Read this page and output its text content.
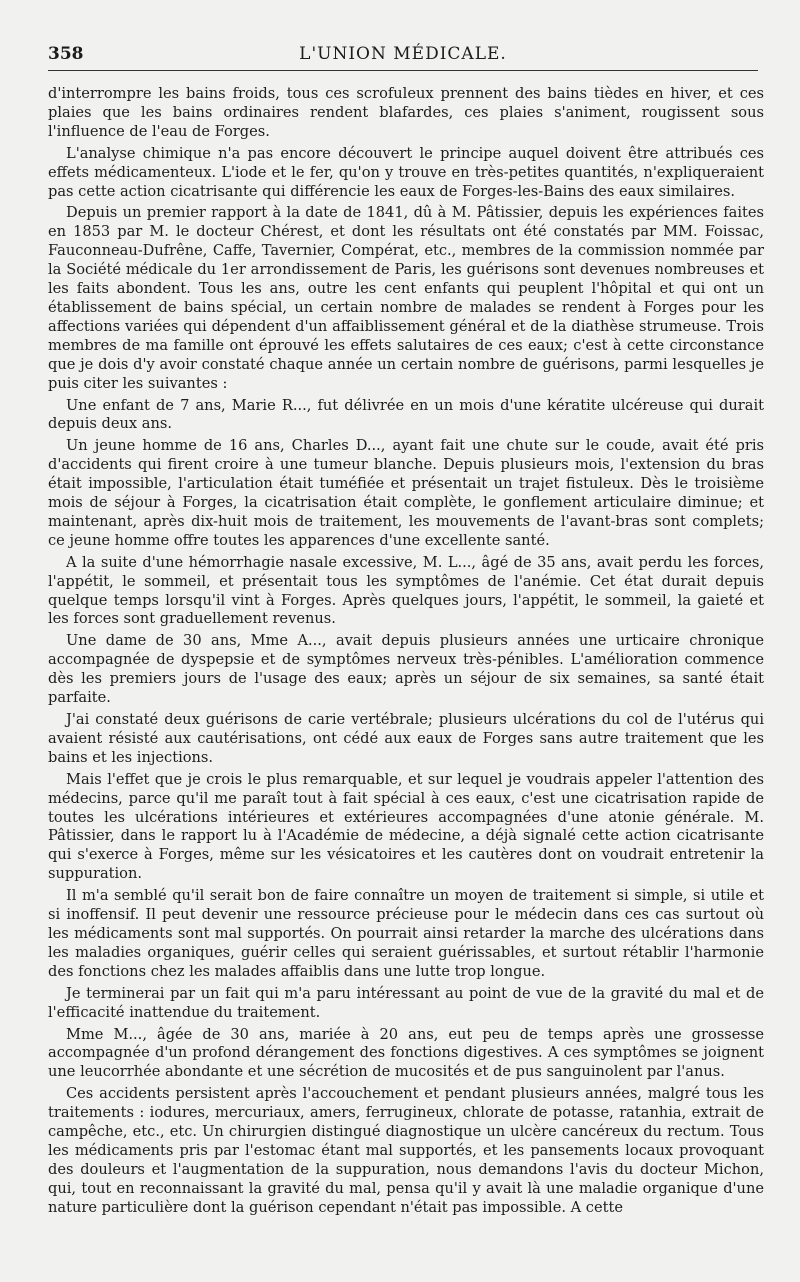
358	L'UNION MÉDICALE.

d'interrompre les bains froids, tous ces scrofuleux prennent des bains tièdes en hiver, et ces plaies que les bains ordinaires rendent blafardes, ces plaies s'animent, rougissent sous l'influence de l'eau de Forges.

L'analyse chimique n'a pas encore découvert le principe auquel doivent être attribués ces effets médicamenteux. L'iode et le fer, qu'on y trouve en très-petites quantités, n'expliqueraient pas cette action cicatrisante qui différencie les eaux de Forges-les-Bains des eaux similaires.

Depuis un premier rapport à la date de 1841, dû à M. Pâtissier, depuis les expériences faites en 1853 par M. le docteur Chérest, et dont les résultats ont été constatés par MM. Foissac, Fauconneau-Dufrêne, Caffe, Tavernier, Compérat, etc., membres de la commission nommée par la Société médicale du 1er arrondissement de Paris, les guérisons sont devenues nombreuses et les faits abondent. Tous les ans, outre les cent enfants qui peuplent l'hôpital et qui ont un établissement de bains spécial, un certain nombre de malades se rendent à Forges pour les affections variées qui dépendent d'un affaiblissement général et de la diathèse strumeuse. Trois membres de ma famille ont éprouvé les effets salutaires de ces eaux; c'est à cette circonstance que je dois d'y avoir constaté chaque année un certain nombre de guérisons, parmi lesquelles je puis citer les suivantes :

Une enfant de 7 ans, Marie R..., fut délivrée en un mois d'une kératite ulcéreuse qui durait depuis deux ans.

Un jeune homme de 16 ans, Charles D..., ayant fait une chute sur le coude, avait été pris d'accidents qui firent croire à une tumeur blanche. Depuis plusieurs mois, l'extension du bras était impossible, l'articulation était tuméfiée et présentait un trajet fistuleux. Dès le troisième mois de séjour à Forges, la cicatrisation était complète, le gonflement articulaire diminue; et maintenant, après dix-huit mois de traitement, les mouvements de l'avant-bras sont complets; ce jeune homme offre toutes les apparences d'une excellente santé.

A la suite d'une hémorrhagie nasale excessive, M. L..., âgé de 35 ans, avait perdu les forces, l'appétit, le sommeil, et présentait tous les symptômes de l'anémie. Cet état durait depuis quelque temps lorsqu'il vint à Forges. Après quelques jours, l'appétit, le sommeil, la gaieté et les forces sont graduellement revenus.

Une dame de 30 ans, Mme A..., avait depuis plusieurs années une urticaire chronique accompagnée de dyspepsie et de symptômes nerveux très-pénibles. L'amélioration commence dès les premiers jours de l'usage des eaux; après un séjour de six semaines, sa santé était parfaite.

J'ai constaté deux guérisons de carie vertébrale; plusieurs ulcérations du col de l'utérus qui avaient résisté aux cautérisations, ont cédé aux eaux de Forges sans autre traitement que les bains et les injections.

Mais l'effet que je crois le plus remarquable, et sur lequel je voudrais appeler l'attention des médecins, parce qu'il me paraît tout à fait spécial à ces eaux, c'est une cicatrisation rapide de toutes les ulcérations intérieures et extérieures accompagnées d'une atonie générale. M. Pâtissier, dans le rapport lu à l'Académie de médecine, a déjà signalé cette action cicatrisante qui s'exerce à Forges, même sur les vésicatoires et les cautères dont on voudrait entretenir la suppuration.

Il m'a semblé qu'il serait bon de faire connaître un moyen de traitement si simple, si utile et si inoffensif. Il peut devenir une ressource précieuse pour le médecin dans ces cas surtout où les médicaments sont mal supportés. On pourrait ainsi retarder la marche des ulcérations dans les maladies organiques, guérir celles qui seraient guérissables, et surtout rétablir l'harmonie des fonctions chez les malades affaiblis dans une lutte trop longue.

Je terminerai par un fait qui m'a paru intéressant au point de vue de la gravité du mal et de l'efficacité inattendue du traitement.

Mme M..., âgée de 30 ans, mariée à 20 ans, eut peu de temps après une grossesse accompagnée d'un profond dérangement des fonctions digestives. A ces symptômes se joignent une leucorrhée abondante et une sécrétion de mucosités et de pus sanguinolent par l'anus.

Ces accidents persistent après l'accouchement et pendant plusieurs années, malgré tous les traitements : iodures, mercuriaux, amers, ferrugineux, chlorate de potasse, ratanhia, extrait de campêche, etc., etc. Un chirurgien distingué diagnostique un ulcère cancéreux du rectum. Tous les médicaments pris par l'estomac étant mal supportés, et les pansements locaux provoquant des douleurs et l'augmentation de la suppuration, nous demandons l'avis du docteur Michon, qui, tout en reconnaissant la gravité du mal, pensa qu'il y avait là une maladie organique d'une nature particulière dont la guérison cependant n'était pas impossible. A cette
